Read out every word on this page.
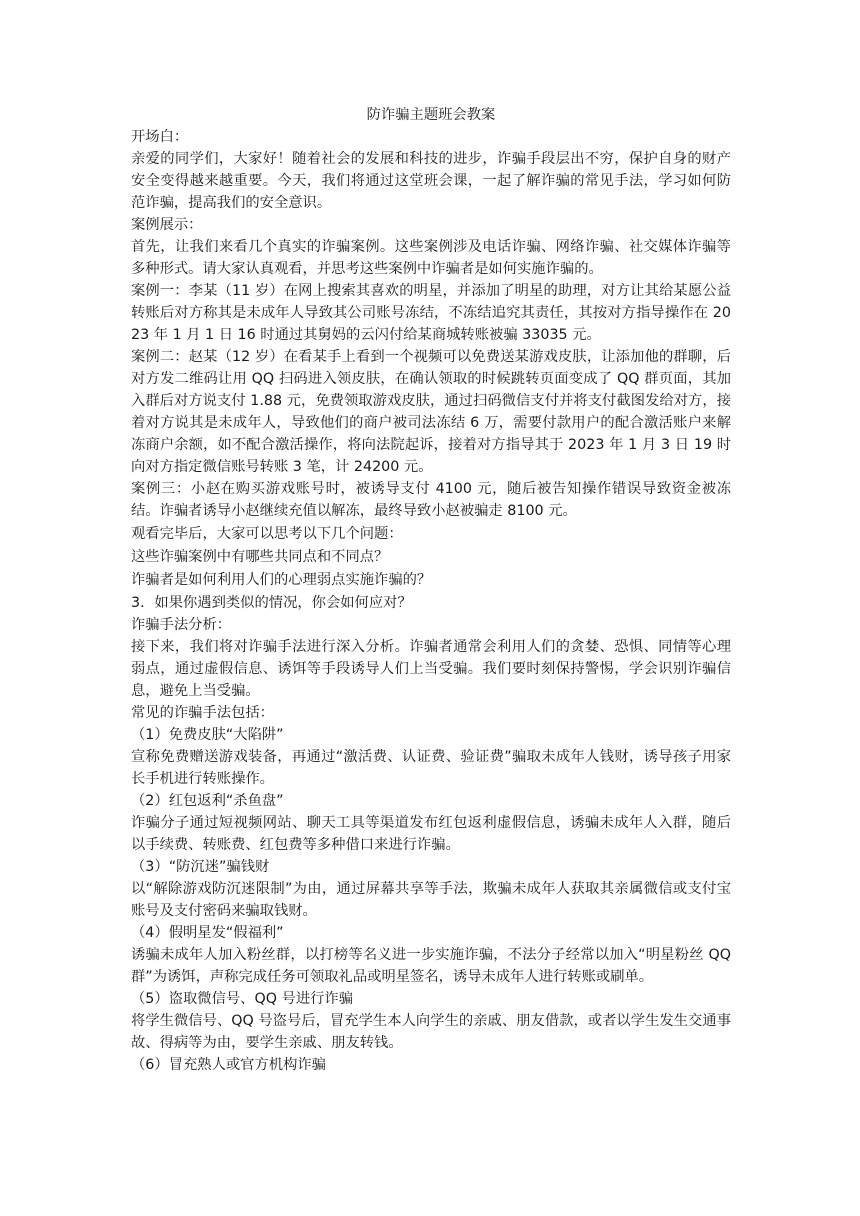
防诈骗主题班会教案

开场白：

亲爱的同学们，大家好！随着社会的发展和科技的进步，诈骗手段层出不穷，保护自身的财产安全变得越来越重要。今天，我们将通过这堂班会课，一起了解诈骗的常见手法，学习如何防范诈骗，提高我们的安全意识。

案例展示：

首先，让我们来看几个真实的诈骗案例。这些案例涉及电话诈骗、网络诈骗、社交媒体诈骗等多种形式。请大家认真观看，并思考这些案例中诈骗者是如何实施诈骗的。

案例一：李某（11 岁）在网上搜索其喜欢的明星，并添加了明星的助理，对方让其给某愿公益转账后对方称其是未成年人导致其公司账号冻结，不冻结追究其责任，其按对方指导操作在 2023 年 1 月 1 日 16 时通过其舅妈的云闪付给某商城转账被骗 33035 元。

案例二：赵某（12 岁）在看某手上看到一个视频可以免费送某游戏皮肤，让添加他的群聊，后对方发二维码让用 QQ 扫码进入领皮肤，在确认领取的时候跳转页面变成了 QQ 群页面，其加入群后对方说支付 1.88 元，免费领取游戏皮肤，通过扫码微信支付并将支付截图发给对方，接着对方说其是未成年人，导致他们的商户被司法冻结 6 万，需要付款用户的配合激活账户来解冻商户余额，如不配合激活操作，将向法院起诉，接着对方指导其于 2023 年 1 月 3 日 19 时向对方指定微信账号转账 3 笔，计 24200 元。

案例三：小赵在购买游戏账号时，被诱导支付 4100 元，随后被告知操作错误导致资金被冻结。诈骗者诱导小赵继续充值以解冻，最终导致小赵被骗走 8100 元。

观看完毕后，大家可以思考以下几个问题：

这些诈骗案例中有哪些共同点和不同点？

诈骗者是如何利用人们的心理弱点实施诈骗的？

3．如果你遇到类似的情况，你会如何应对？

诈骗手法分析：

接下来，我们将对诈骗手法进行深入分析。诈骗者通常会利用人们的贪婪、恐惧、同情等心理弱点，通过虚假信息、诱饵等手段诱导人们上当受骗。我们要时刻保持警惕，学会识别诈骗信息，避免上当受骗。

常见的诈骗手法包括：

（1）免费皮肤“大陷阱”

宣称免费赠送游戏装备，再通过“激活费、认证费、验证费”骗取未成年人钱财，诱导孩子用家长手机进行转账操作。

（2）红包返利“杀鱼盘”

诈骗分子通过短视频网站、聊天工具等渠道发布红包返利虚假信息，诱骗未成年人入群，随后以手续费、转账费、红包费等多种借口来进行诈骗。

（3）“防沉迷”骗钱财

以“解除游戏防沉迷限制”为由，通过屏幕共享等手法，欺骗未成年人获取其亲属微信或支付宝账号及支付密码来骗取钱财。

（4）假明星发“假福利”

诱骗未成年人加入粉丝群，以打榜等名义进一步实施诈骗，不法分子经常以加入“明星粉丝 QQ 群”为诱饵，声称完成任务可领取礼品或明星签名，诱导未成年人进行转账或刷单。

（5）盗取微信号、QQ 号进行诈骗

将学生微信号、QQ 号盗号后，冒充学生本人向学生的亲戚、朋友借款，或者以学生发生交通事故、得病等为由，要学生亲戚、朋友转钱。

（6）冒充熟人或官方机构诈骗
